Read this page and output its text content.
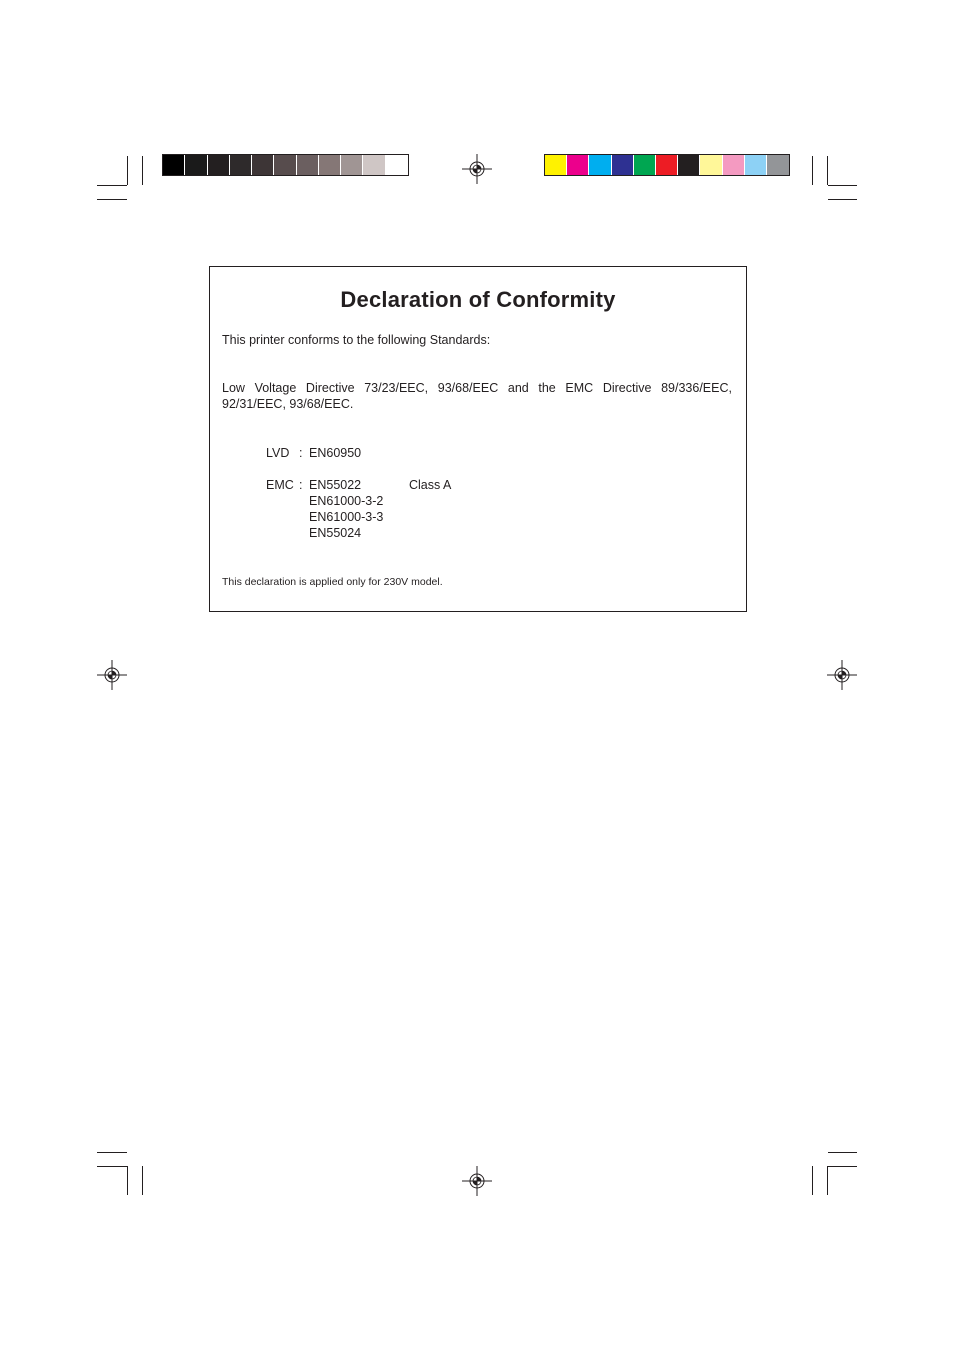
Declaration of Conformity
This printer conforms to the following Standards:
Low Voltage Directive 73/23/EEC, 93/68/EEC and the EMC Directive 89/336/EEC, 92/31/EEC, 93/68/EEC.
LVD : EN60950
EMC : EN55022	Class A
EN61000-3-2
EN61000-3-3
EN55024
This declaration is applied only for 230V model.
